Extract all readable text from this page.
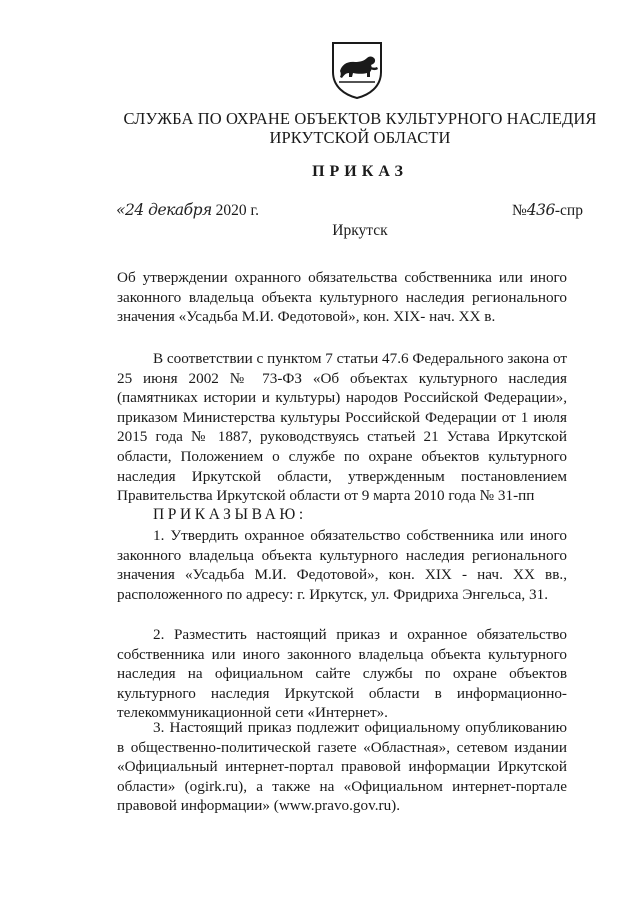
СЛУЖБА ПО ОХРАНЕ ОБЪЕКТОВ КУЛЬТУРНОГО НАСЛЕДИЯ
ИРКУТСКОЙ ОБЛАСТИ
ПРИКАЗ
«24 декабря 2020 г.	№436-спр
Иркутск

Об утверждении охранного обязательства собственника или иного законного владельца объекта культурного наследия регионального значения «Усадьба М.И. Федотовой», кон. XIX- нач. XX в.

В соответствии с пунктом 7 статьи 47.6 Федерального закона от 25 июня 2002 № 73-ФЗ «Об объектах культурного наследия (памятниках истории и культуры) народов Российской Федерации», приказом Министерства культуры Российской Федерации от 1 июля 2015 года № 1887, руководствуясь статьей 21 Устава Иркутской области, Положением о службе по охране объектов культурного наследия Иркутской области, утвержденным постановлением Правительства Иркутской области от 9 марта 2010 года № 31-пп

ПРИКАЗЫВАЮ:

1. Утвердить охранное обязательство собственника или иного законного владельца объекта культурного наследия регионального значения «Усадьба М.И. Федотовой», кон. XIX - нач. XX вв., расположенного по адресу: г. Иркутск, ул. Фридриха Энгельса, 31.

2. Разместить настоящий приказ и охранное обязательство собственника или иного законного владельца объекта культурного наследия на официальном сайте службы по охране объектов культурного наследия Иркутской области в информационно-телекоммуникационной сети «Интернет».

3. Настоящий приказ подлежит официальному опубликованию в общественно-политической газете «Областная», сетевом издании «Официальный интернет-портал правовой информации Иркутской области» (ogirk.ru), а также на «Официальном интернет-портале правовой информации» (www.pravo.gov.ru).
